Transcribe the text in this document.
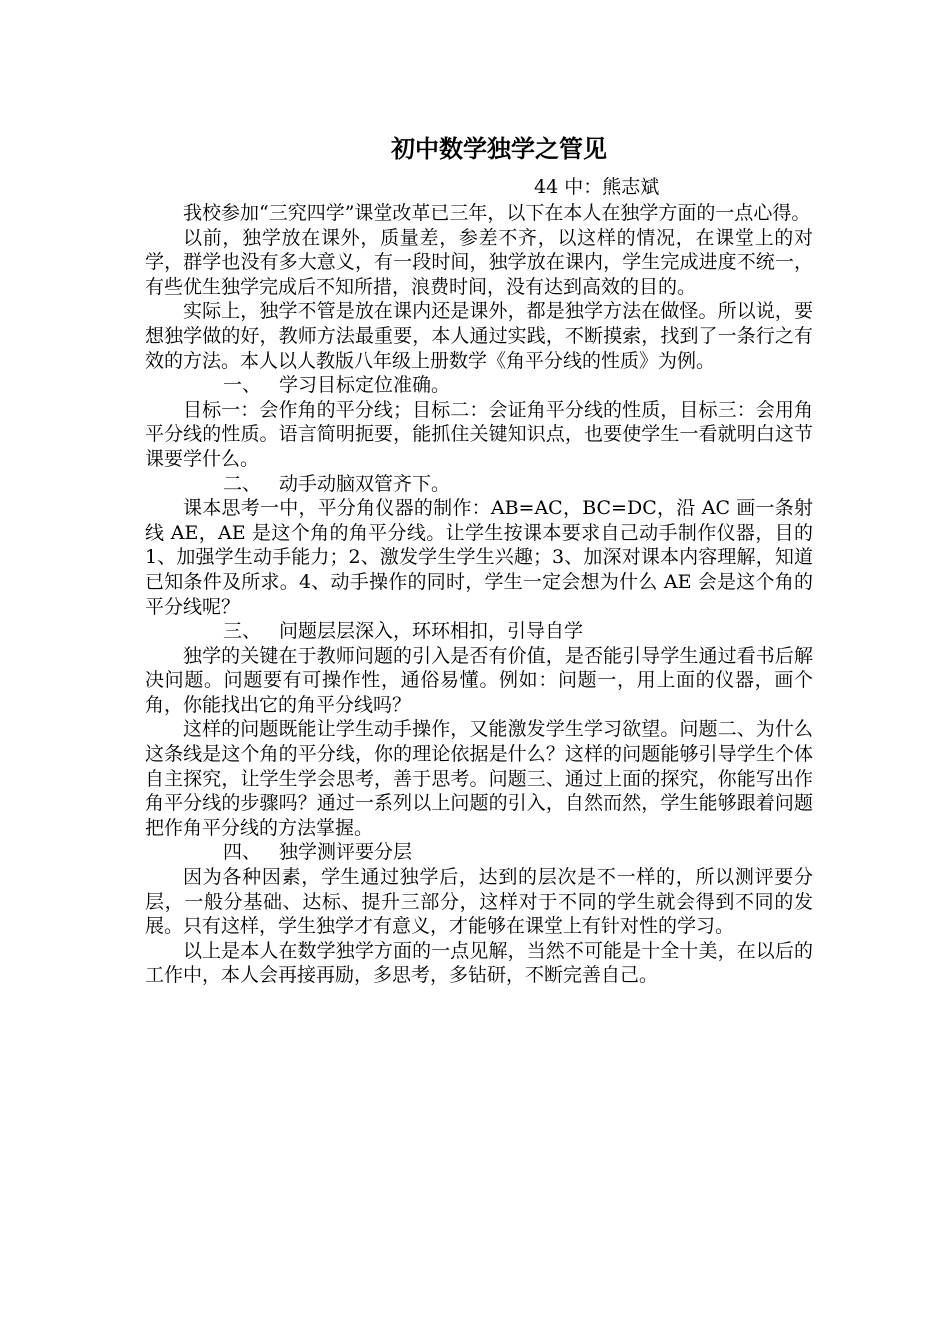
初中数学独学之管见
44 中：熊志斌

我校参加“三究四学”课堂改革已三年，以下在本人在独学方面的一点心得。

以前，独学放在课外，质量差，参差不齐，以这样的情况，在课堂上的对学，群学也没有多大意义，有一段时间，独学放在课内，学生完成进度不统一，有些优生独学完成后不知所措，浪费时间，没有达到高效的目的。

实际上，独学不管是放在课内还是课外，都是独学方法在做怪。所以说，要想独学做的好，教师方法最重要，本人通过实践，不断摸索，找到了一条行之有效的方法。本人以人教版八年级上册数学《角平分线的性质》为例。

一、 学习目标定位准确。

目标一：会作角的平分线；目标二：会证角平分线的性质，目标三：会用角平分线的性质。语言简明扼要，能抓住关键知识点，也要使学生一看就明白这节课要学什么。

二、 动手动脑双管齐下。

课本思考一中，平分角仪器的制作：AB=AC，BC=DC，沿 AC 画一条射线 AE，AE 是这个角的角平分线。让学生按课本要求自己动手制作仪器，目的 1、加强学生动手能力；2、激发学生学生兴趣；3、加深对课本内容理解，知道已知条件及所求。4、动手操作的同时，学生一定会想为什么 AE 会是这个角的平分线呢？

三、 问题层层深入，环环相扣，引导自学

独学的关键在于教师问题的引入是否有价值，是否能引导学生通过看书后解决问题。问题要有可操作性，通俗易懂。例如：问题一，用上面的仪器，画个角，你能找出它的角平分线吗？

这样的问题既能让学生动手操作，又能激发学生学习欲望。问题二、为什么这条线是这个角的平分线，你的理论依据是什么？这样的问题能够引导学生个体自主探究，让学生学会思考，善于思考。问题三、通过上面的探究，你能写出作角平分线的步骤吗？通过一系列以上问题的引入，自然而然，学生能够跟着问题把作角平分线的方法掌握。

四、 独学测评要分层

因为各种因素，学生通过独学后，达到的层次是不一样的，所以测评要分层，一般分基础、达标、提升三部分，这样对于不同的学生就会得到不同的发展。只有这样，学生独学才有意义，才能够在课堂上有针对性的学习。

以上是本人在数学独学方面的一点见解，当然不可能是十全十美，在以后的工作中，本人会再接再励，多思考，多钻研，不断完善自己。
